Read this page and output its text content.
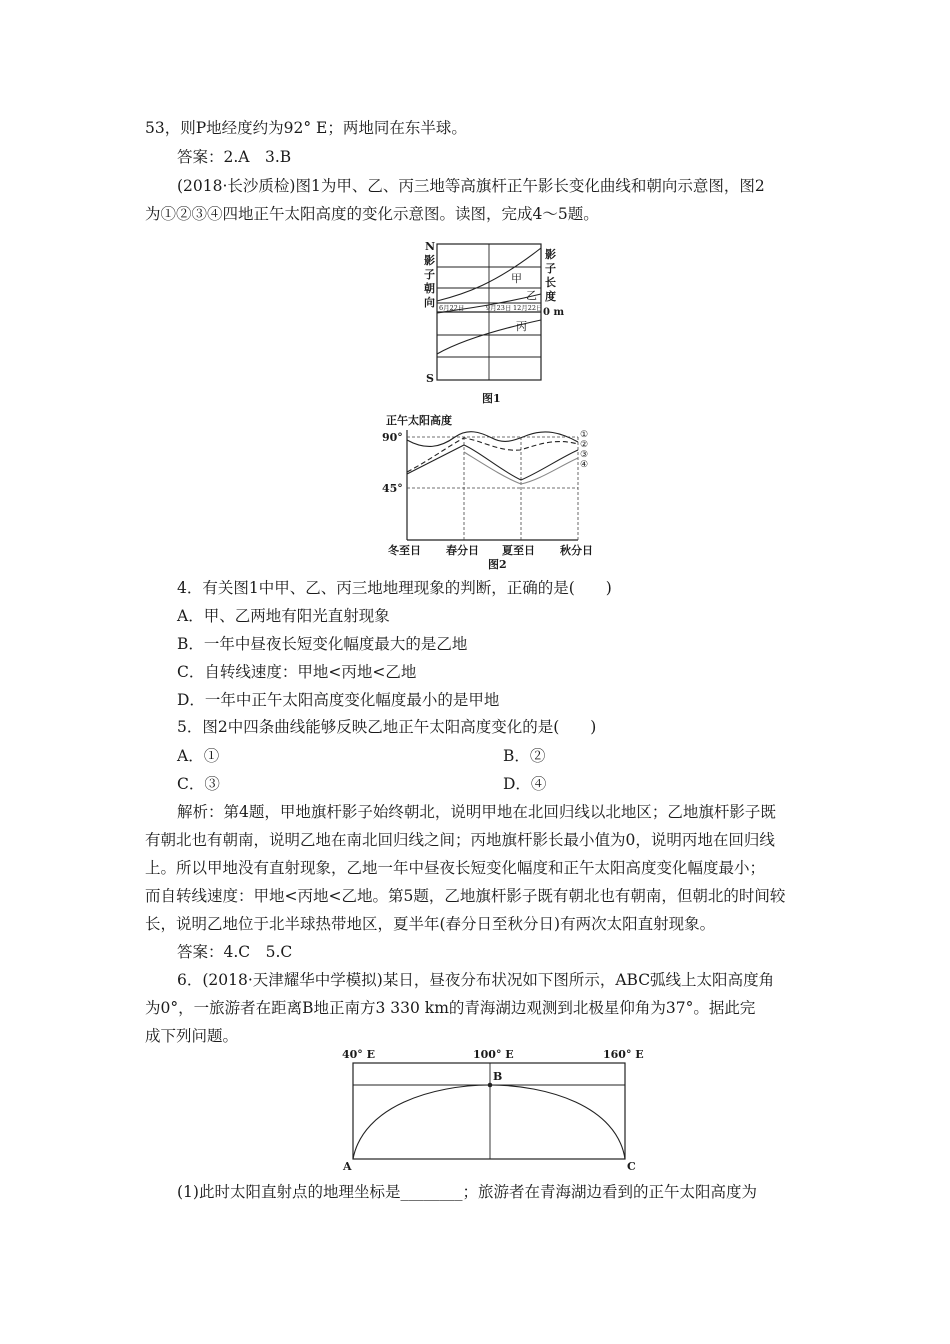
53，则P地经度约为92° E；两地同在东半球。
答案：2.A　3.B
(2018·长沙质检)图1为甲、乙、丙三地等高旗杆正午影长变化曲线和朝向示意图，图2
为①②③④四地正午太阳高度的变化示意图。读图，完成4～5题。
N
影
子
朝
向
S
影
子
长
度
0 m
甲
乙
丙
6月22日	9月23日 12月22日
图1
正午太阳高度
90°
45°
冬至日 春分日 夏至日 秋分日
①
②
③
④
图2
4．有关图1中甲、乙、丙三地地理现象的判断，正确的是(　　)
A．甲、乙两地有阳光直射现象
B．一年中昼夜长短变化幅度最大的是乙地
C．自转线速度：甲地<丙地<乙地
D．一年中正午太阳高度变化幅度最小的是甲地
5．图2中四条曲线能够反映乙地正午太阳高度变化的是(　　)
A．①	B．②
C．③	D．④
解析：第4题，甲地旗杆影子始终朝北，说明甲地在北回归线以北地区；乙地旗杆影子既
有朝北也有朝南，说明乙地在南北回归线之间；丙地旗杆影长最小值为0，说明丙地在回归线
上。所以甲地没有直射现象，乙地一年中昼夜长短变化幅度和正午太阳高度变化幅度最小；
而自转线速度：甲地<丙地<乙地。第5题，乙地旗杆影子既有朝北也有朝南，但朝北的时间较
长，说明乙地位于北半球热带地区，夏半年(春分日至秋分日)有两次太阳直射现象。
答案：4.C　5.C
6．(2018·天津耀华中学模拟)某日，昼夜分布状况如下图所示，ABC弧线上太阳高度角
为0°，一旅游者在距离B地正南方3 330 km的青海湖边观测到北极星仰角为37°。据此完
成下列问题。
40° E	100° E	160° E
B
A	C
(1)此时太阳直射点的地理坐标是________；旅游者在青海湖边看到的正午太阳高度为
